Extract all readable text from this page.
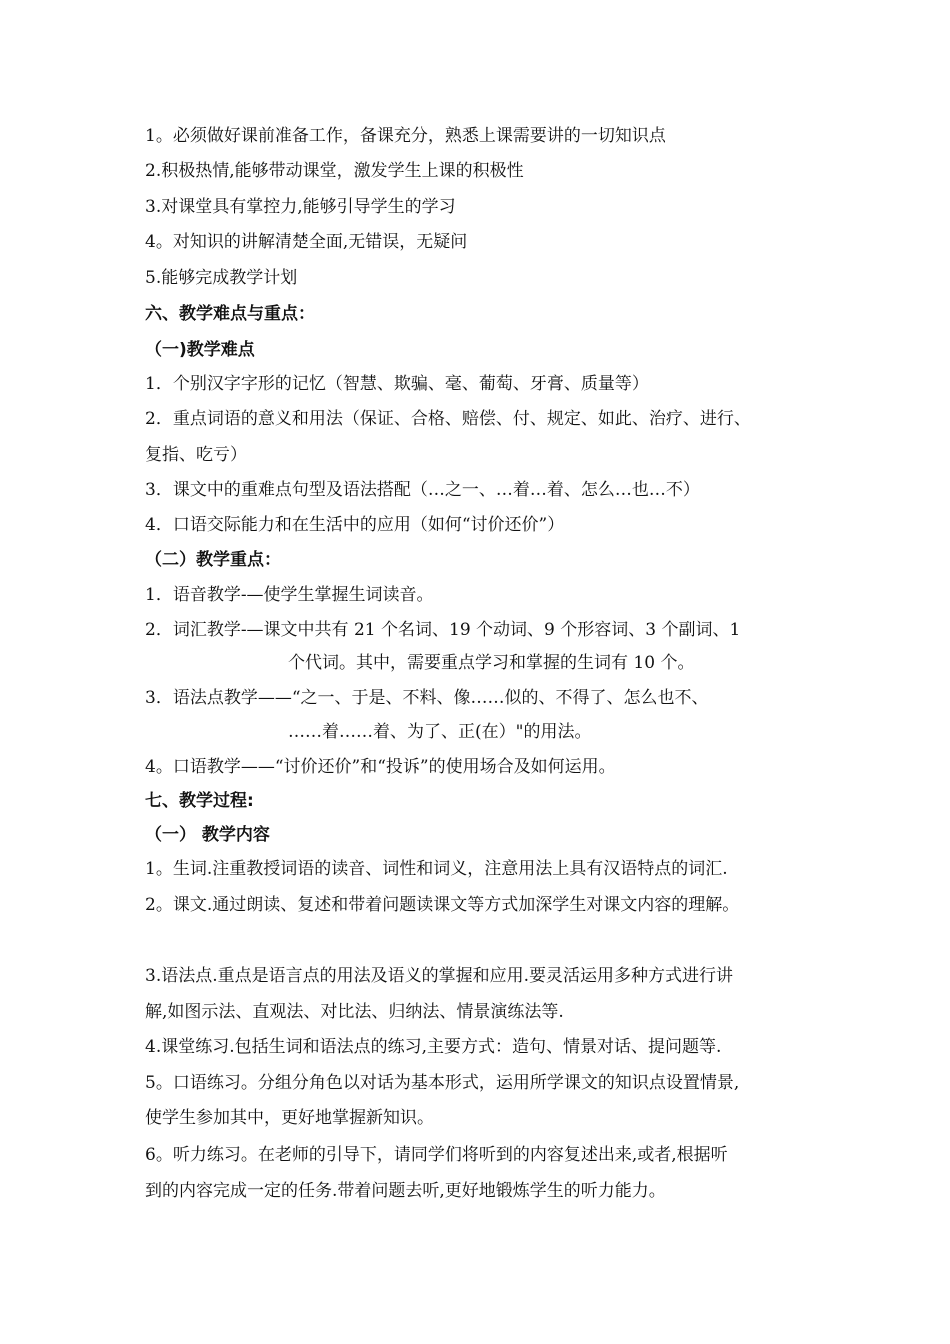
1。必须做好课前准备工作，备课充分，熟悉上课需要讲的一切知识点
2.积极热情,能够带动课堂，激发学生上课的积极性
3.对课堂具有掌控力,能够引导学生的学习
4。对知识的讲解清楚全面,无错误，无疑问
5.能够完成教学计划
六、教学难点与重点：
（一)教学难点
1．个别汉字字形的记忆（智慧、欺骗、毫、葡萄、牙膏、质量等）
2．重点词语的意义和用法（保证、合格、赔偿、付、规定、如此、治疗、进行、
复指、吃亏）
3．课文中的重难点句型及语法搭配（…之一、…着…着、怎么…也…不）
4．口语交际能力和在生活中的应用（如何“讨价还价”）
（二）教学重点：
1．语音教学-—使学生掌握生词读音。
2．词汇教学-—课文中共有 21 个名词、19 个动词、9 个形容词、3 个副词、1
个代词。其中，需要重点学习和掌握的生词有 10 个。
3．语法点教学——“之一、于是、不料、像……似的、不得了、怎么也不、
……着……着、为了、正(在）"的用法。
4。口语教学——“讨价还价”和“投诉”的使用场合及如何运用。
七、教学过程:
（一） 教学内容
1。生词.注重教授词语的读音、词性和词义，注意用法上具有汉语特点的词汇.
2。课文.通过朗读、复述和带着问题读课文等方式加深学生对课文内容的理解。
3.语法点.重点是语言点的用法及语义的掌握和应用.要灵活运用多种方式进行讲
解,如图示法、直观法、对比法、归纳法、情景演练法等.
4.课堂练习.包括生词和语法点的练习,主要方式：造句、情景对话、提问题等.
5。口语练习。分组分角色以对话为基本形式，运用所学课文的知识点设置情景,
使学生参加其中，更好地掌握新知识。
6。听力练习。在老师的引导下，请同学们将听到的内容复述出来,或者,根据听
到的内容完成一定的任务.带着问题去听,更好地锻炼学生的听力能力。
